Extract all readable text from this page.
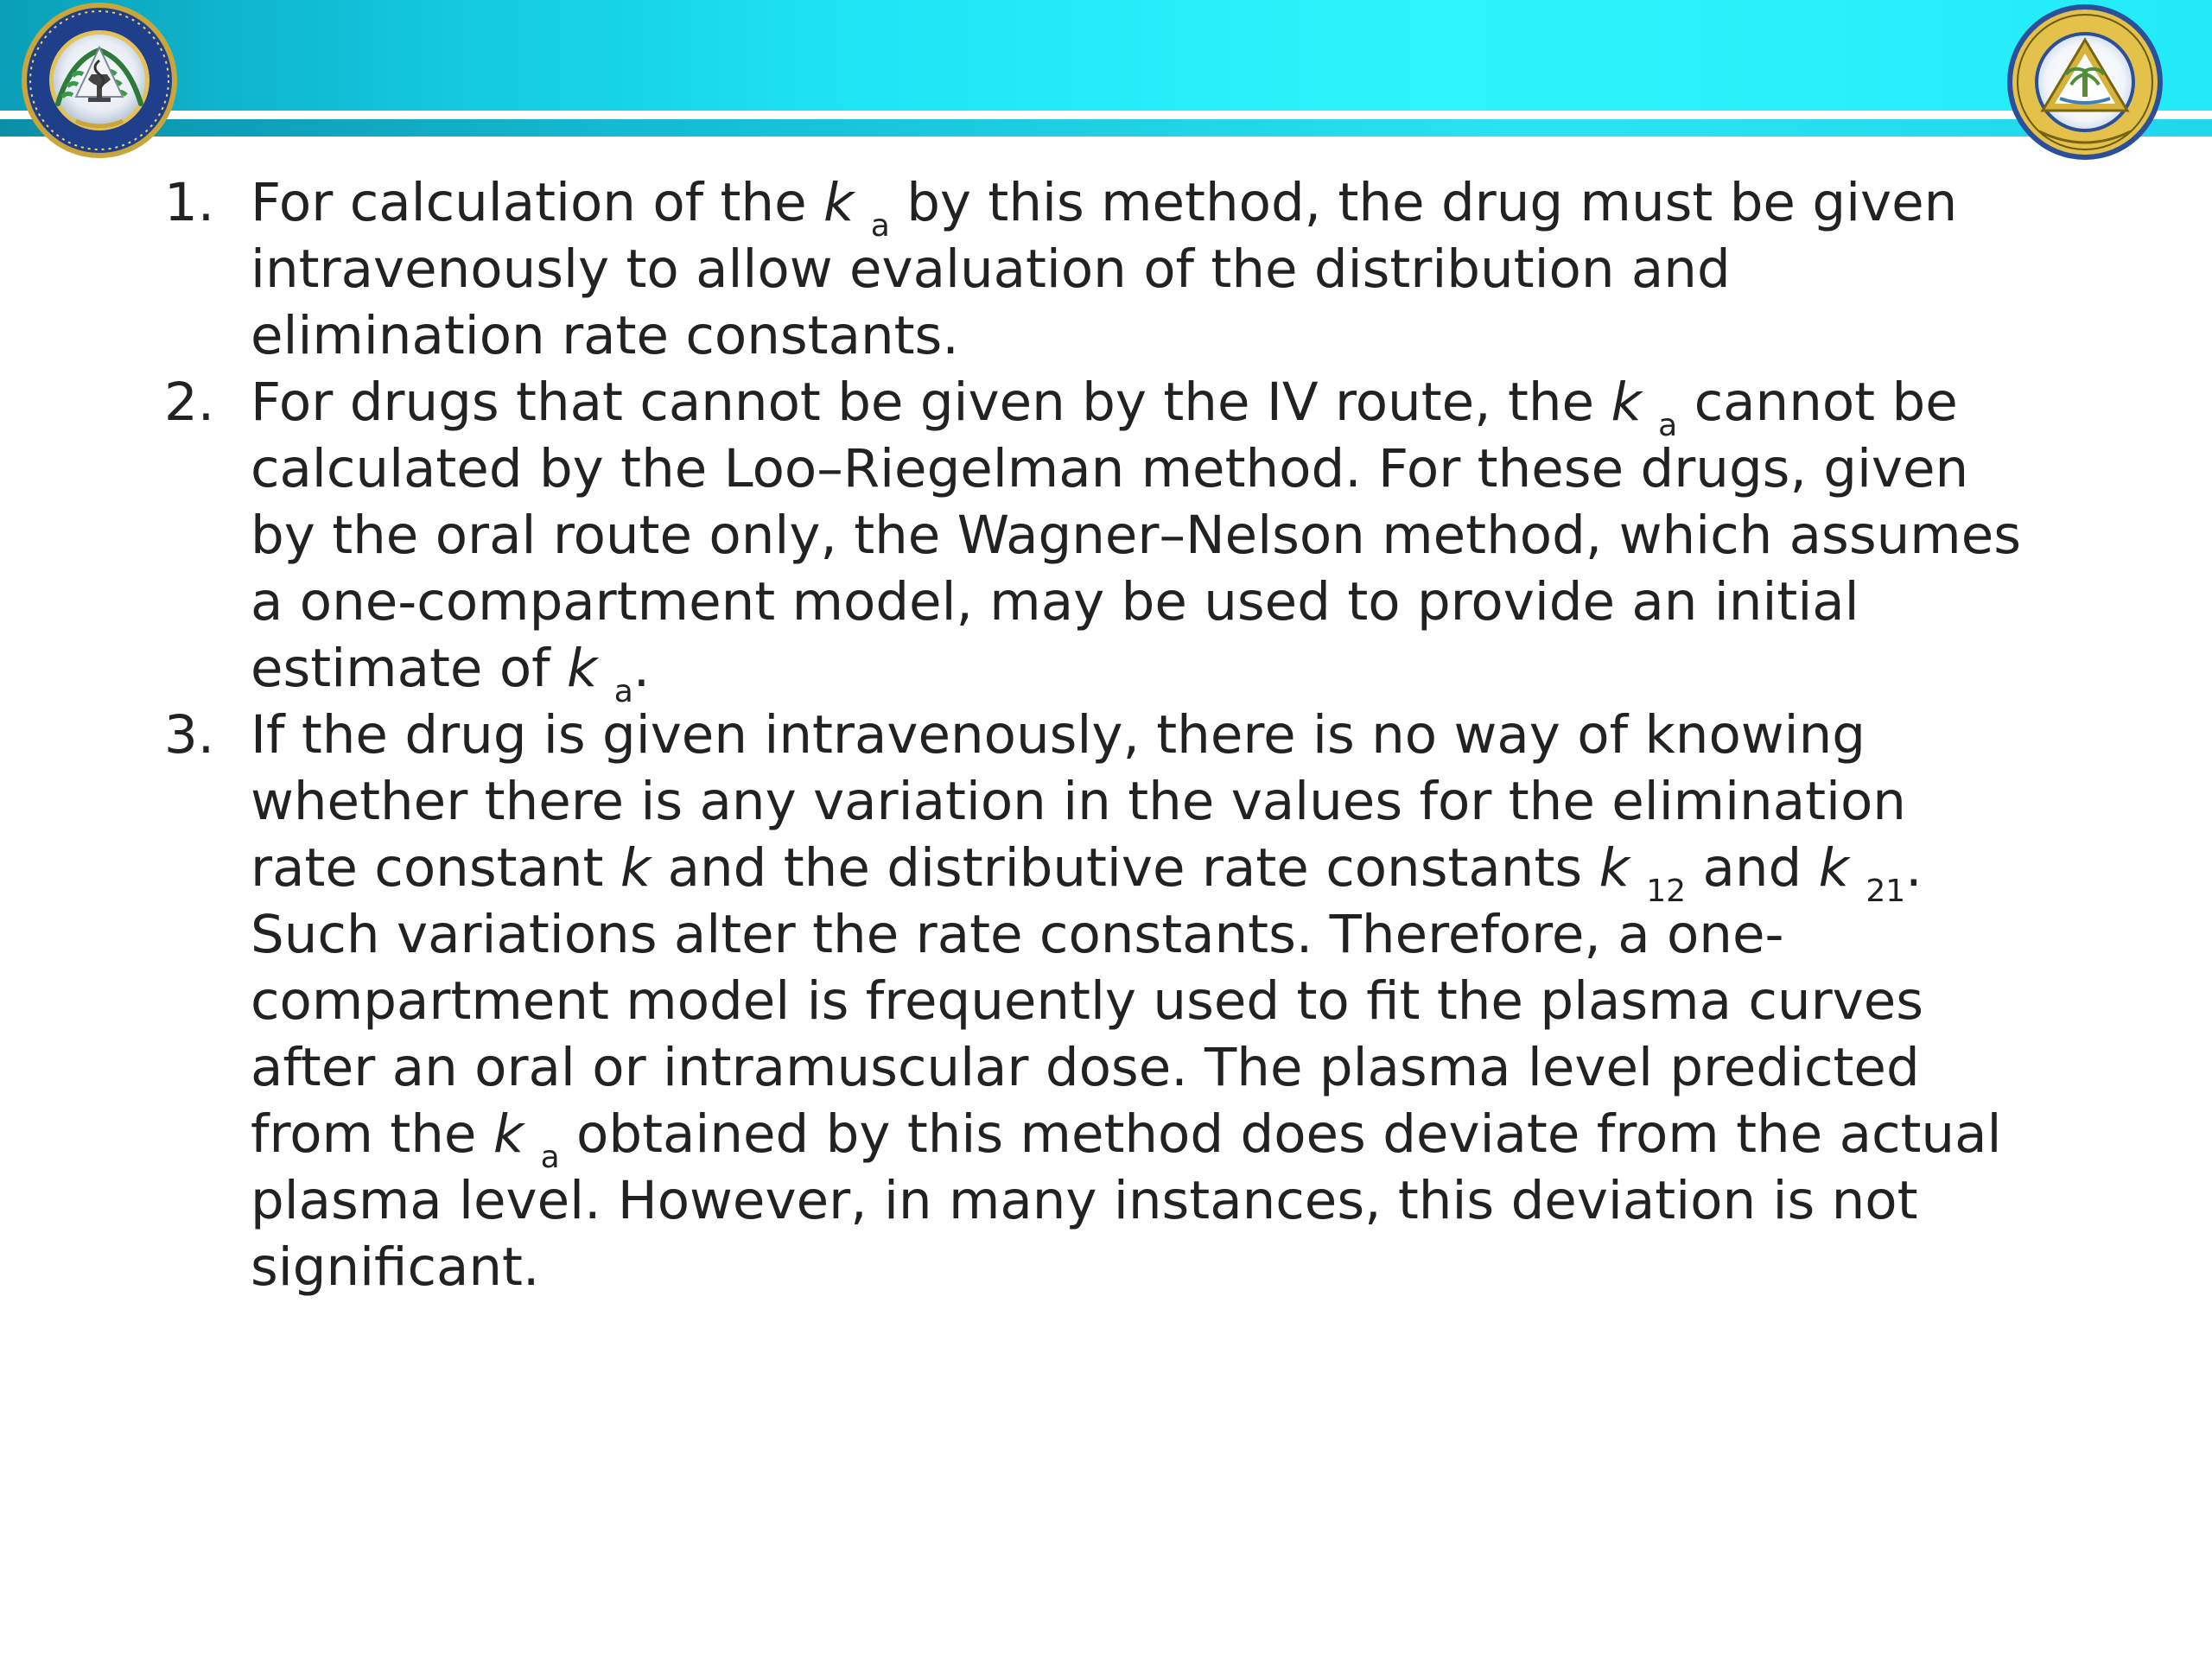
1. For calculation of the k $_a$ by this method, the drug must be given intravenously to allow evaluation of the distribution and elimination rate constants.

2. For drugs that cannot be given by the IV route, the k $_a$ cannot be calculated by the Loo–Riegelman method. For these drugs, given by the oral route only, the Wagner–Nelson method, which assumes a one-compartment model, may be used to provide an initial estimate of k $_a$.

3. If the drug is given intravenously, there is no way of knowing whether there is any variation in the values for the elimination rate constant k and the distributive rate constants k $_{12}$ and k $_{21}$. Such variations alter the rate constants. Therefore, a one-compartment model is frequently used to fit the plasma curves after an oral or intramuscular dose. The plasma level predicted from the k $_a$ obtained by this method does deviate from the actual plasma level. However, in many instances, this deviation is not significant.
